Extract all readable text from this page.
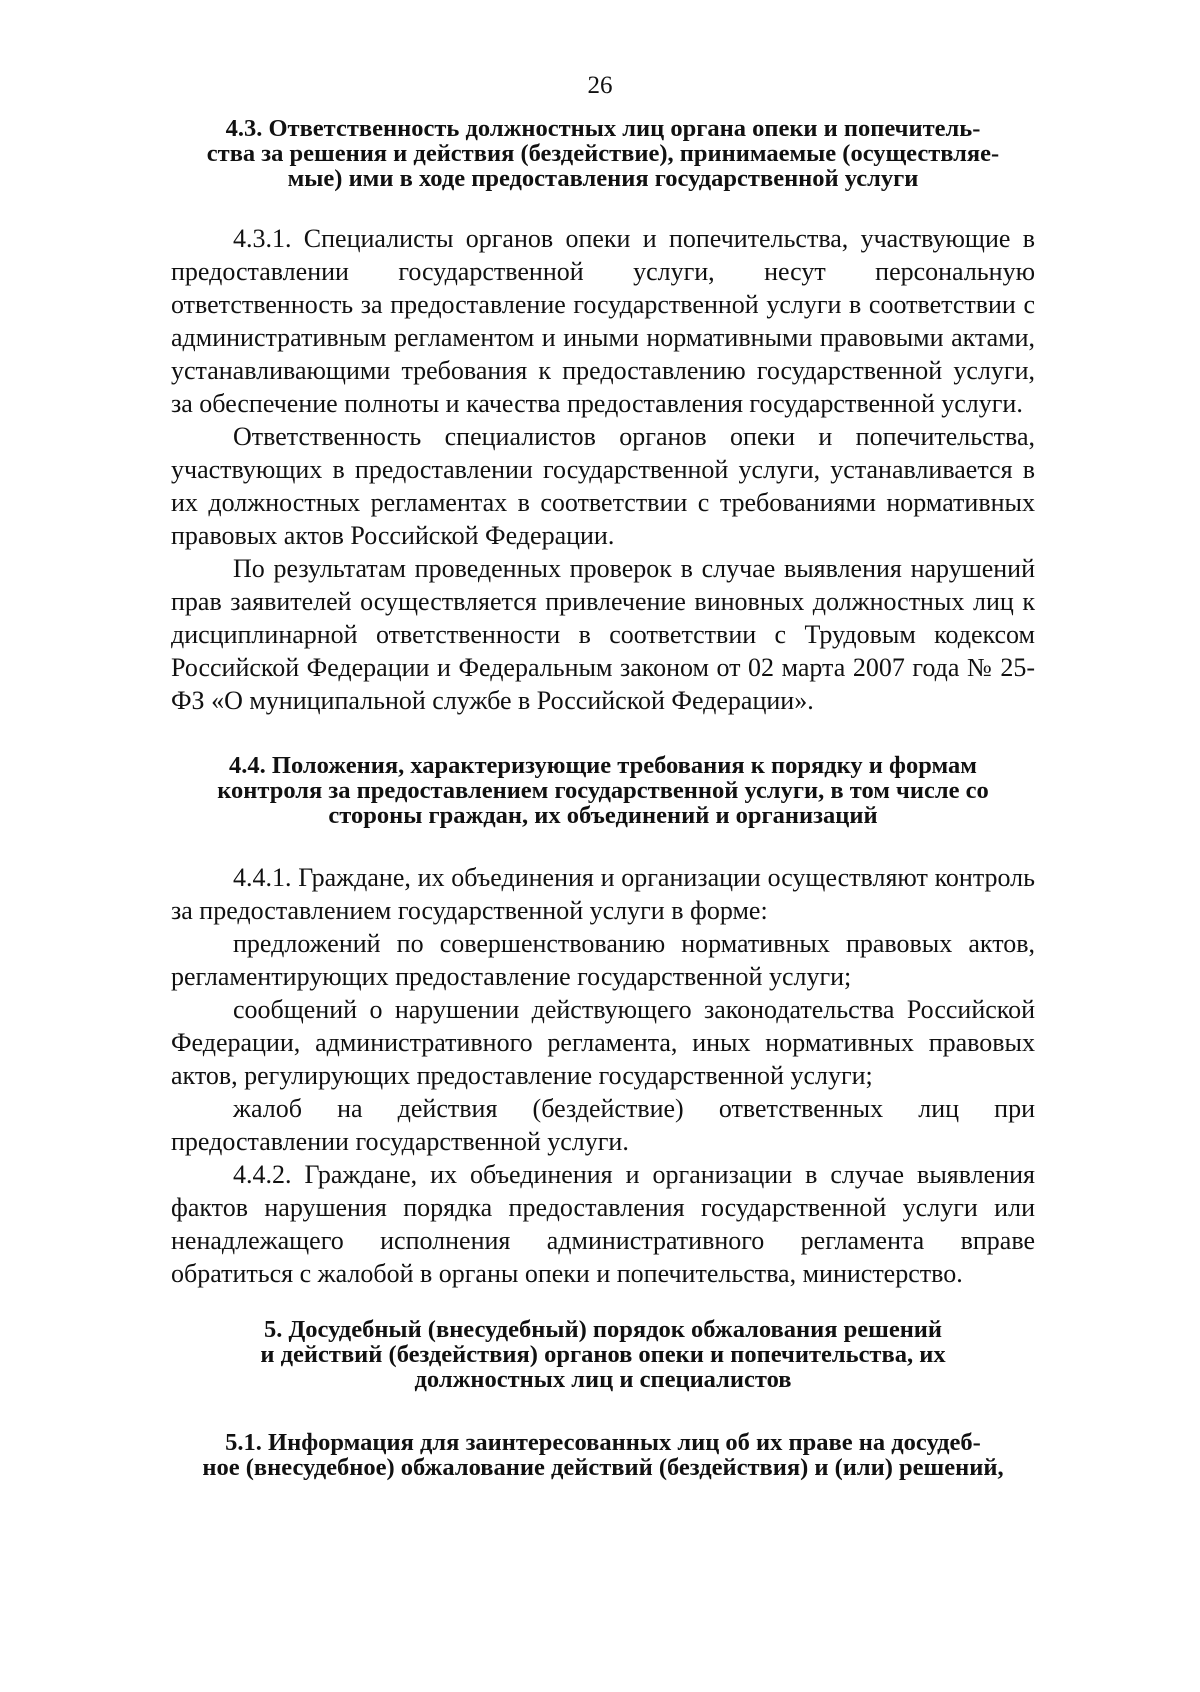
26
4.3. Ответственность должностных лиц органа опеки и попечитель-
ства за решения и действия (бездействие), принимаемые (осуществляе-
мые) ими в ходе предоставления государственной услуги

4.3.1. Специалисты органов опеки и попечительства, участвующие в предоставлении государственной услуги, несут персональную ответственность за предоставление государственной услуги в соответствии с административным регламентом и иными нормативными правовыми актами, устанавливающими требования к предоставлению государственной услуги, за обеспечение полноты и качества предоставления государственной услуги.

Ответственность специалистов органов опеки и попечительства, участвующих в предоставлении государственной услуги, устанавливается в их должностных регламентах в соответствии с требованиями нормативных правовых актов Российской Федерации.

По результатам проведенных проверок в случае выявления нарушений прав заявителей осуществляется привлечение виновных должностных лиц к дисциплинарной ответственности в соответствии с Трудовым кодексом Российской Федерации и Федеральным законом от 02 марта 2007 года № 25-ФЗ «О муниципальной службе в Российской Федерации».

4.4. Положения, характеризующие требования к порядку и формам
контроля за предоставлением государственной услуги, в том числе со
стороны граждан, их объединений и организаций

4.4.1. Граждане, их объединения и организации осуществляют контроль за предоставлением государственной услуги в форме:

предложений по совершенствованию нормативных правовых актов, регламентирующих предоставление государственной услуги;

сообщений о нарушении действующего законодательства Российской Федерации, административного регламента, иных нормативных правовых актов, регулирующих предоставление государственной услуги;

жалоб на действия (бездействие) ответственных лиц при предоставлении государственной услуги.

4.4.2. Граждане, их объединения и организации в случае выявления фактов нарушения порядка предоставления государственной услуги или ненадлежащего исполнения административного регламента вправе обратиться с жалобой в органы опеки и попечительства, министерство.

5. Досудебный (внесудебный) порядок обжалования решений
и действий (бездействия) органов опеки и попечительства, их
должностных лиц и специалистов
5.1. Информация для заинтересованных лиц об их праве на досудеб-
ное (внесудебное) обжалование действий (бездействия) и (или) решений,
